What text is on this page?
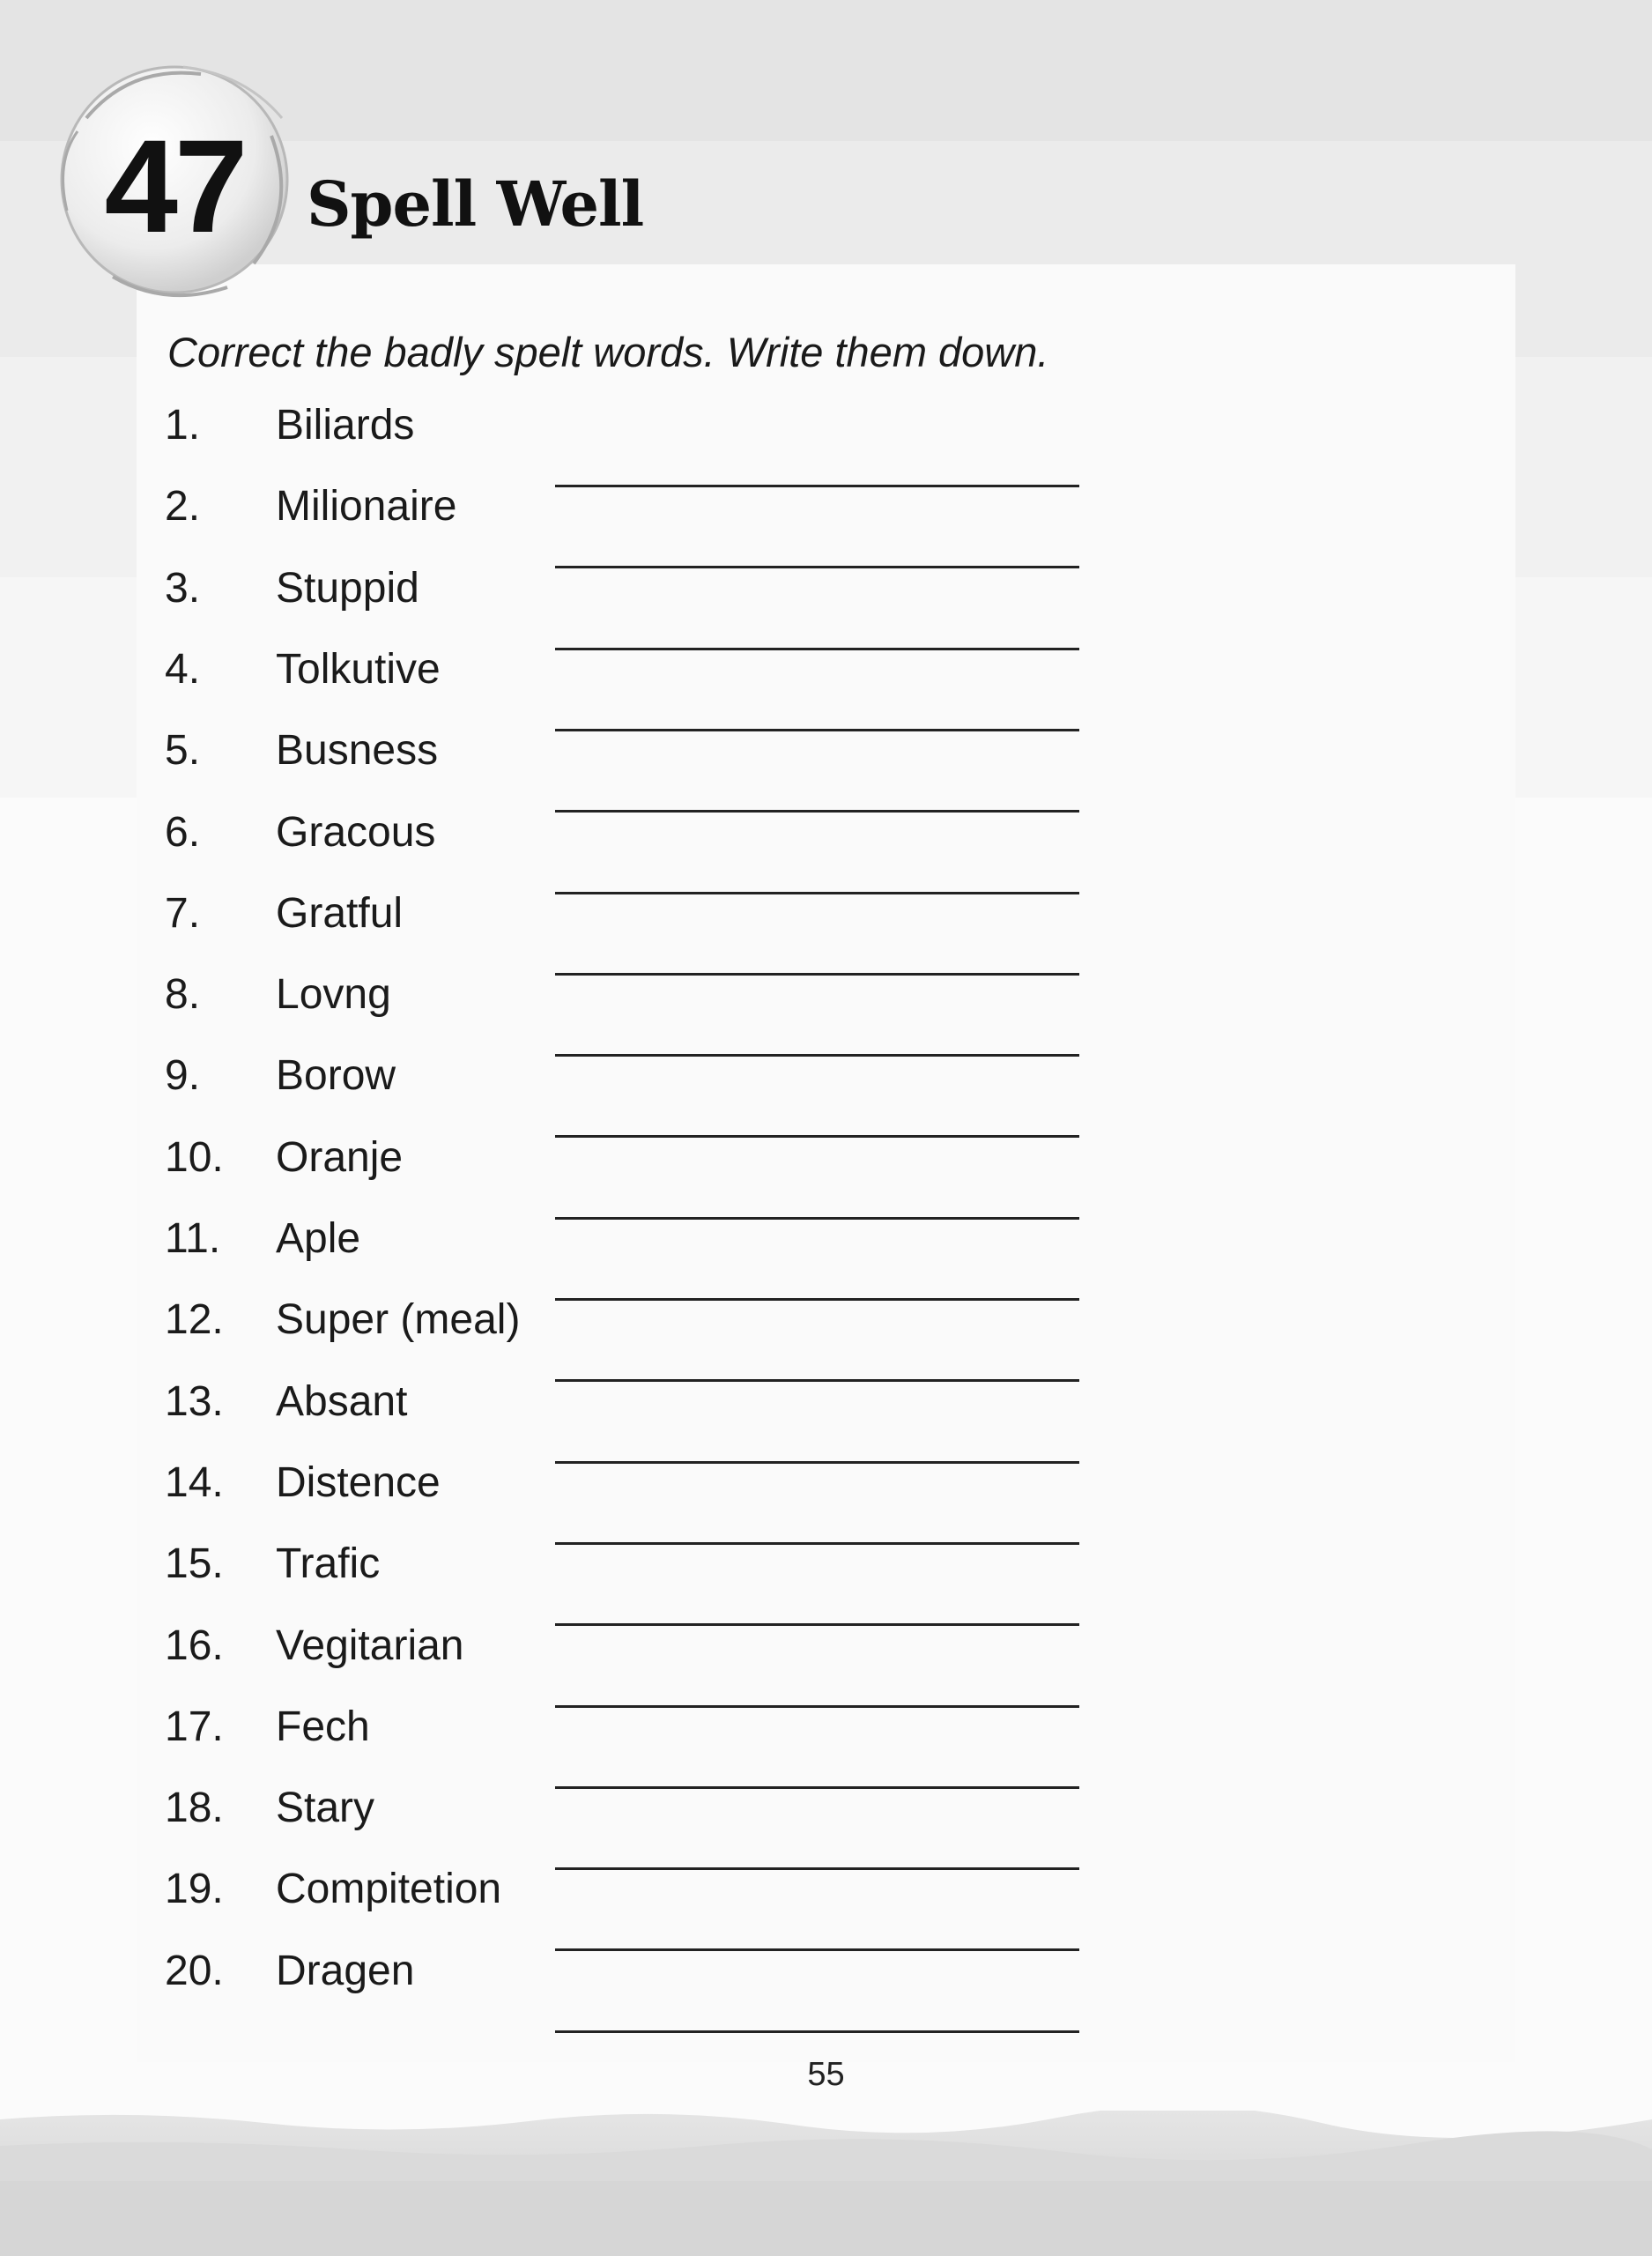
47 Spell Well
Correct the badly spelt words. Write them down.
1. Biliards
2. Milionaire
3. Stuppid
4. Tolkutive
5. Busness
6. Gracous
7. Gratful
8. Lovng
9. Borow
10. Oranje
11. Aple
12. Super (meal)
13. Absant
14. Distence
15. Trafic
16. Vegitarian
17. Fech
18. Stary
19. Compitetion
20. Dragen
55
